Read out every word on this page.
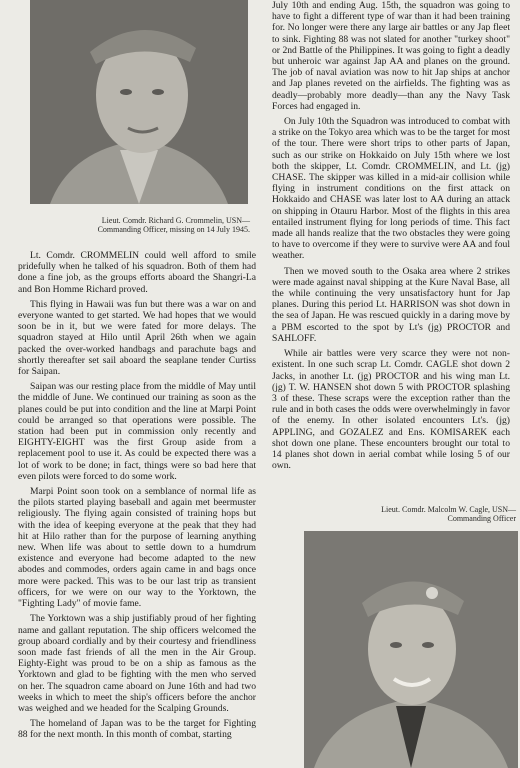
Lieut. Comdr. Richard G. Crommelin, USN—
Commanding Officer, missing on 14 July 1945.

Lt. Comdr. CROMMELIN could well afford to smile pridefully when he talked of his squadron. Both of them had done a fine job, as the groups efforts aboard the Shangri-La and Bon Homme Richard proved.

This flying in Hawaii was fun but there was a war on and everyone wanted to get started. We had hopes that we would soon be in it, but we were fated for more delays. The squadron stayed at Hilo until April 26th when we again packed the over-worked handbags and parachute bags and shortly thereafter set sail aboard the seaplane tender Curtiss for Saipan.

Saipan was our resting place from the middle of May until the middle of June. We continued our training as soon as the planes could be put into condition and the line at Marpi Point could be arranged so that operations were possible. The station had been put in commission only recently and EIGHTY-EIGHT was the first Group aside from a replacement pool to use it. As could be expected there was a lot of work to be done; in fact, things were so bad here that even pilots were forced to do some work.

Marpi Point soon took on a semblance of normal life as the pilots started playing baseball and again met beermuster religiously. The flying again consisted of training hops but with the idea of keeping everyone at the peak that they had hit at Hilo rather than for the purpose of learning anything new. When life was about to settle down to a humdrum existence and everyone had become adapted to the new abodes and commodes, orders again came in and bags once more were packed. This was to be our last trip as transient officers, for we were on our way to the Yorktown, the "Fighting Lady" of movie fame.

The Yorktown was a ship justifiably proud of her fighting name and gallant reputation. The ship officers welcomed the group aboard cordially and by their courtesy and friendliness soon made fast friends of all the men in the Air Group. Eighty-Eight was proud to be on a ship as famous as the Yorktown and glad to be fighting with the men who served on her. The squadron came aboard on June 16th and had two weeks in which to meet the ship's officers before the anchor was weighed and we headed for the Scalping Grounds.

The homeland of Japan was to be the target for Fighting 88 for the next month. In this month of combat, starting

July 10th and ending Aug. 15th, the squadron was going to have to fight a different type of war than it had been training for. No longer were there any large air battles or any Jap fleet to sink. Fighting 88 was not slated for another "turkey shoot" or 2nd Battle of the Philippines. It was going to fight a deadly but unheroic war against Jap AA and planes on the ground. The job of naval aviation was now to hit Jap ships at anchor and Jap planes reveted on the airfields. The fighting was as deadly—probably more deadly—than any the Navy Task Forces had engaged in.

On July 10th the Squadron was introduced to combat with a strike on the Tokyo area which was to be the target for most of the tour. There were short trips to other parts of Japan, such as our strike on Hokkaido on July 15th where we lost both the skipper, Lt. Comdr. CROMMELIN, and Lt. (jg) CHASE. The skipper was killed in a mid-air collision while flying in instrument conditions on the first attack on Hokkaido and CHASE was later lost to AA during an attack on shipping in Otauru Harbor. Most of the flights in this area entailed instrument flying for long periods of time. This fact made all hands realize that the two obstacles they were going to have to overcome if they were to survive were AA and foul weather.

Then we moved south to the Osaka area where 2 strikes were made against naval shipping at the Kure Naval Base, all the while continuing the very unsatisfactory hunt for Jap planes. During this period Lt. HARRISON was shot down in the sea of Japan. He was rescued quickly in a daring move by a PBM escorted to the spot by Lt's (jg) PROCTOR and SAHLOFF.

While air battles were very scarce they were not non-existent. In one such scrap Lt. Comdr. CAGLE shot down 2 Jacks, in another Lt. (jg) PROCTOR and his wing man Lt. (jg) T. W. HANSEN shot down 5 with PROCTOR splashing 3 of these. These scraps were the exception rather than the rule and in both cases the odds were overwhelmingly in favor of the enemy. In other isolated encounters Lt's. (jg) APPLING, and GOZALEZ and Ens. KOMISAREK each shot down one plane. These encounters brought our total to 14 planes shot down in aerial combat while losing 5 of our own.

Lieut. Comdr. Malcolm W. Cagle, USN—
Commanding Officer
